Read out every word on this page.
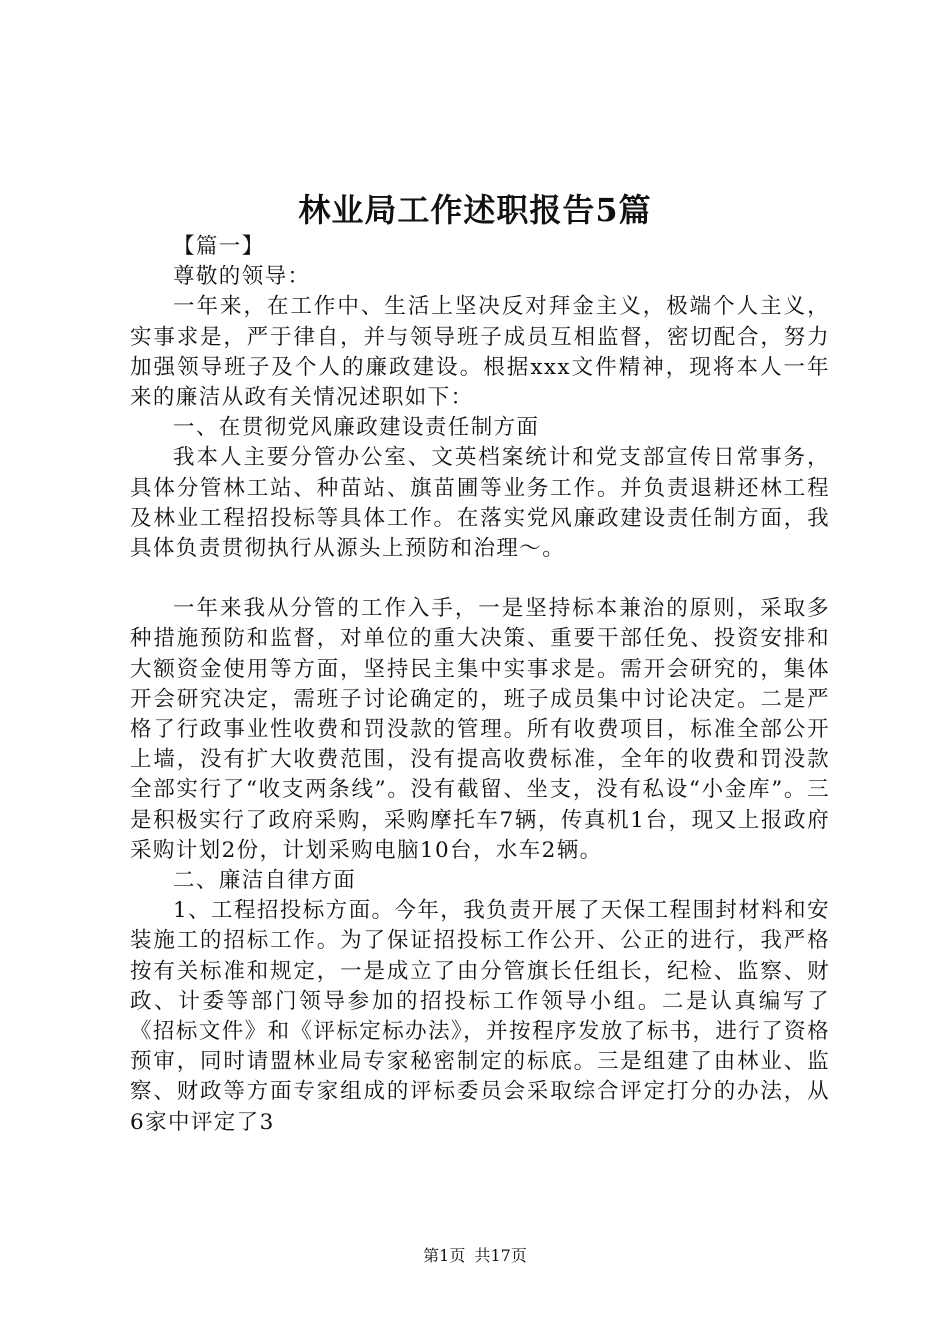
林业局工作述职报告5篇

【篇一】

尊敬的领导：

一年来，在工作中、生活上坚决反对拜金主义，极端个人主义，实事求是，严于律自，并与领导班子成员互相监督，密切配合，努力加强领导班子及个人的廉政建设。根据xxx文件精神，现将本人一年来的廉洁从政有关情况述职如下：

一、在贯彻党风廉政建设责任制方面

我本人主要分管办公室、文英档案统计和党支部宣传日常事务，具体分管林工站、种苗站、旗苗圃等业务工作。并负责退耕还林工程及林业工程招投标等具体工作。在落实党风廉政建设责任制方面，我具体负责贯彻执行从源头上预防和治理～。

一年来我从分管的工作入手，一是坚持标本兼治的原则，采取多种措施预防和监督，对单位的重大决策、重要干部任免、投资安排和大额资金使用等方面，坚持民主集中实事求是。需开会研究的，集体开会研究决定，需班子讨论确定的，班子成员集中讨论决定。二是严格了行政事业性收费和罚没款的管理。所有收费项目，标准全部公开上墙，没有扩大收费范围，没有提高收费标准，全年的收费和罚没款全部实行了“收支两条线”。没有截留、坐支，没有私设“小金库”。三是积极实行了政府采购，采购摩托车7辆，传真机1台，现又上报政府采购计划2份，计划采购电脑10台，水车2辆。

二、廉洁自律方面

1、工程招投标方面。今年，我负责开展了天保工程围封材料和安装施工的招标工作。为了保证招投标工作公开、公正的进行，我严格按有关标准和规定，一是成立了由分管旗长任组长，纪检、监察、财政、计委等部门领导参加的招投标工作领导小组。二是认真编写了《招标文件》和《评标定标办法》，并按程序发放了标书，进行了资格预审，同时请盟林业局专家秘密制定的标底。三是组建了由林业、监察、财政等方面专家组成的评标委员会采取综合评定打分的办法，从6家中评定了3

第1页 共17页
